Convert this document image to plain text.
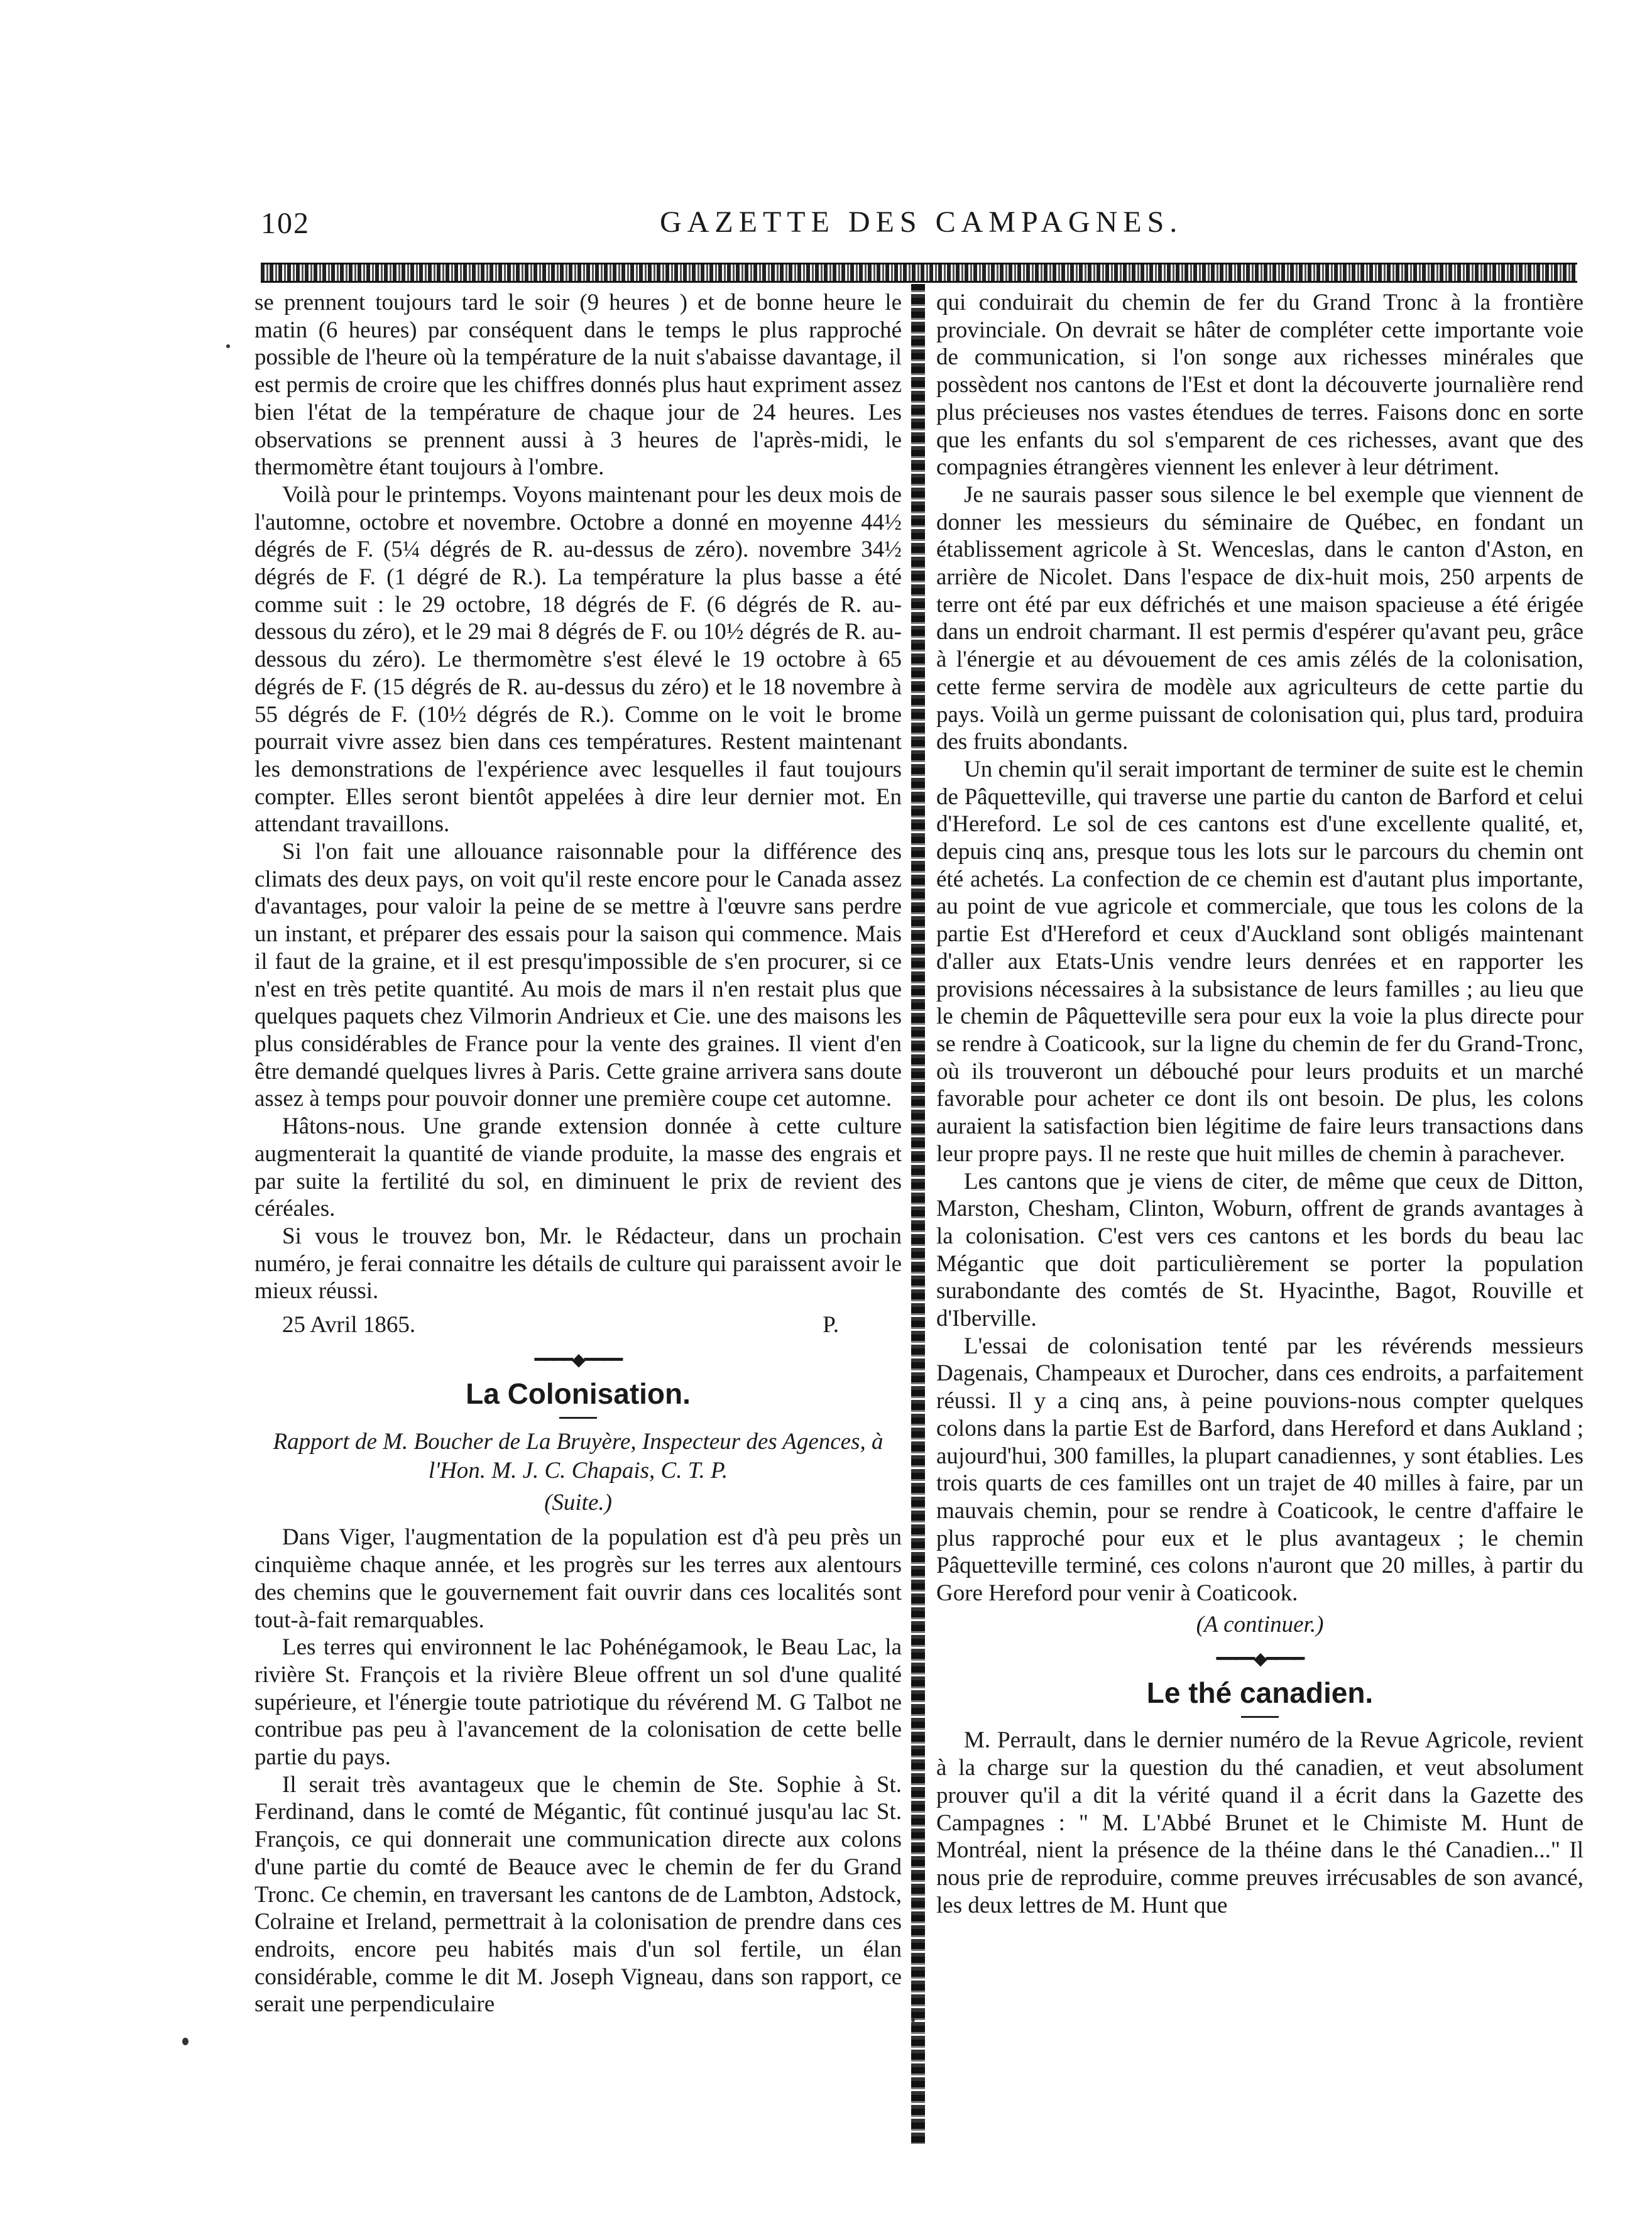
102	GAZETTE DES CAMPAGNES.

se prennent toujours tard le soir (9 heures ) et de bonne heure le matin (6 heures) par conséquent dans le temps le plus rapproché possible de l'heure où la température de la nuit s'abaisse davantage, il est permis de croire que les chiffres donnés plus haut expriment assez bien l'état de la température de chaque jour de 24 heures. Les observations se prennent aussi à 3 heures de l'après-midi, le thermomètre étant toujours à l'ombre.

Voilà pour le printemps. Voyons maintenant pour les deux mois de l'automne, octobre et novembre. Octobre a donné en moyenne 44½ dégrés de F. (5¼ dégrés de R. au-dessus de zéro). novembre 34½ dégrés de F. (1 dégré de R.). La température la plus basse a été comme suit : le 29 octobre, 18 dégrés de F. (6 dégrés de R. au-dessous du zéro), et le 29 mai 8 dégrés de F. ou 10½ dégrés de R. au-dessous du zéro). Le thermomètre s'est élevé le 19 octobre à 65 dégrés de F. (15 dégrés de R. au-dessus du zéro) et le 18 novembre à 55 dégrés de F. (10½ dégrés de R.). Comme on le voit le brome pourrait vivre assez bien dans ces températures. Restent maintenant les demonstrations de l'expérience avec lesquelles il faut toujours compter. Elles seront bientôt appelées à dire leur dernier mot. En attendant travaillons.

Si l'on fait une allouance raisonnable pour la différence des climats des deux pays, on voit qu'il reste encore pour le Canada assez d'avantages, pour valoir la peine de se mettre à l'œuvre sans perdre un instant, et préparer des essais pour la saison qui commence. Mais il faut de la graine, et il est presqu'impossible de s'en procurer, si ce n'est en très petite quantité. Au mois de mars il n'en restait plus que quelques paquets chez Vilmorin Andrieux et Cie. une des maisons les plus considérables de France pour la vente des graines. Il vient d'en être demandé quelques livres à Paris. Cette graine arrivera sans doute assez à temps pour pouvoir donner une première coupe cet automne.

Hâtons-nous. Une grande extension donnée à cette culture augmenterait la quantité de viande produite, la masse des engrais et par suite la fertilité du sol, en diminuent le prix de revient des céréales.

Si vous le trouvez bon, Mr. le Rédacteur, dans un prochain numéro, je ferai connaitre les détails de culture qui paraissent avoir le mieux réussi.

25 Avril 1865.	P.
━━━━◆━━━━
La Colonisation.

Rapport de M. Boucher de La Bruyère, Inspecteur des Agences, à l'Hon. M. J. C. Chapais, C. T. P.

(Suite.)

Dans Viger, l'augmentation de la population est d'à peu près un cinquième chaque année, et les progrès sur les terres aux alentours des chemins que le gouvernement fait ouvrir dans ces localités sont tout-à-fait remarquables.

Les terres qui environnent le lac Pohénégamook, le Beau Lac, la rivière St. François et la rivière Bleue offrent un sol d'une qualité supérieure, et l'énergie toute patriotique du révérend M. G Talbot ne contribue pas peu à l'avancement de la colonisation de cette belle partie du pays.

Il serait très avantageux que le chemin de Ste. Sophie à St. Ferdinand, dans le comté de Mégantic, fût continué jusqu'au lac St. François, ce qui donnerait une communication directe aux colons d'une partie du comté de Beauce avec le chemin de fer du Grand Tronc. Ce chemin, en traversant les cantons de de Lambton, Adstock, Colraine et Ireland, permettrait à la colonisation de prendre dans ces endroits, encore peu habités mais d'un sol fertile, un élan considérable, comme le dit M. Joseph Vigneau, dans son rapport, ce serait une perpendiculaire

qui conduirait du chemin de fer du Grand Tronc à la frontière provinciale. On devrait se hâter de compléter cette importante voie de communication, si l'on songe aux richesses minérales que possèdent nos cantons de l'Est et dont la découverte journalière rend plus précieuses nos vastes étendues de terres. Faisons donc en sorte que les enfants du sol s'emparent de ces richesses, avant que des compagnies étrangères viennent les enlever à leur détriment.

Je ne saurais passer sous silence le bel exemple que viennent de donner les messieurs du séminaire de Québec, en fondant un établissement agricole à St. Wenceslas, dans le canton d'Aston, en arrière de Nicolet. Dans l'espace de dix-huit mois, 250 arpents de terre ont été par eux défrichés et une maison spacieuse a été érigée dans un endroit charmant. Il est permis d'espérer qu'avant peu, grâce à l'énergie et au dévouement de ces amis zélés de la colonisation, cette ferme servira de modèle aux agriculteurs de cette partie du pays. Voilà un germe puissant de colonisation qui, plus tard, produira des fruits abondants.

Un chemin qu'il serait important de terminer de suite est le chemin de Pâquetteville, qui traverse une partie du canton de Barford et celui d'Hereford. Le sol de ces cantons est d'une excellente qualité, et, depuis cinq ans, presque tous les lots sur le parcours du chemin ont été achetés. La confection de ce chemin est d'autant plus importante, au point de vue agricole et commerciale, que tous les colons de la partie Est d'Hereford et ceux d'Auckland sont obligés maintenant d'aller aux Etats-Unis vendre leurs denrées et en rapporter les provisions nécessaires à la subsistance de leurs familles ; au lieu que le chemin de Pâquetteville sera pour eux la voie la plus directe pour se rendre à Coaticook, sur la ligne du chemin de fer du Grand-Tronc, où ils trouveront un débouché pour leurs produits et un marché favorable pour acheter ce dont ils ont besoin. De plus, les colons auraient la satisfaction bien légitime de faire leurs transactions dans leur propre pays. Il ne reste que huit milles de chemin à parachever.

Les cantons que je viens de citer, de même que ceux de Ditton, Marston, Chesham, Clinton, Woburn, offrent de grands avantages à la colonisation. C'est vers ces cantons et les bords du beau lac Mégantic que doit particulièrement se porter la population surabondante des comtés de St. Hyacinthe, Bagot, Rouville et d'Iberville.

L'essai de colonisation tenté par les révérends messieurs Dagenais, Champeaux et Durocher, dans ces endroits, a parfaitement réussi. Il y a cinq ans, à peine pouvions-nous compter quelques colons dans la partie Est de Barford, dans Hereford et dans Aukland ; aujourd'hui, 300 familles, la plupart canadiennes, y sont établies. Les trois quarts de ces familles ont un trajet de 40 milles à faire, par un mauvais chemin, pour se rendre à Coaticook, le centre d'affaire le plus rapproché pour eux et le plus avantageux ; le chemin Pâquetteville terminé, ces colons n'auront que 20 milles, à partir du Gore Hereford pour venir à Coaticook.

(A continuer.)

━━━━◆━━━━
Le thé canadien.

M. Perrault, dans le dernier numéro de la Revue Agricole, revient à la charge sur la question du thé canadien, et veut absolument prouver qu'il a dit la vérité quand il a écrit dans la Gazette des Campagnes : " M. L'Abbé Brunet et le Chimiste M. Hunt de Montréal, nient la présence de la théine dans le thé Canadien..." Il nous prie de reproduire, comme preuves irrécusables de son avancé, les deux lettres de M. Hunt que
